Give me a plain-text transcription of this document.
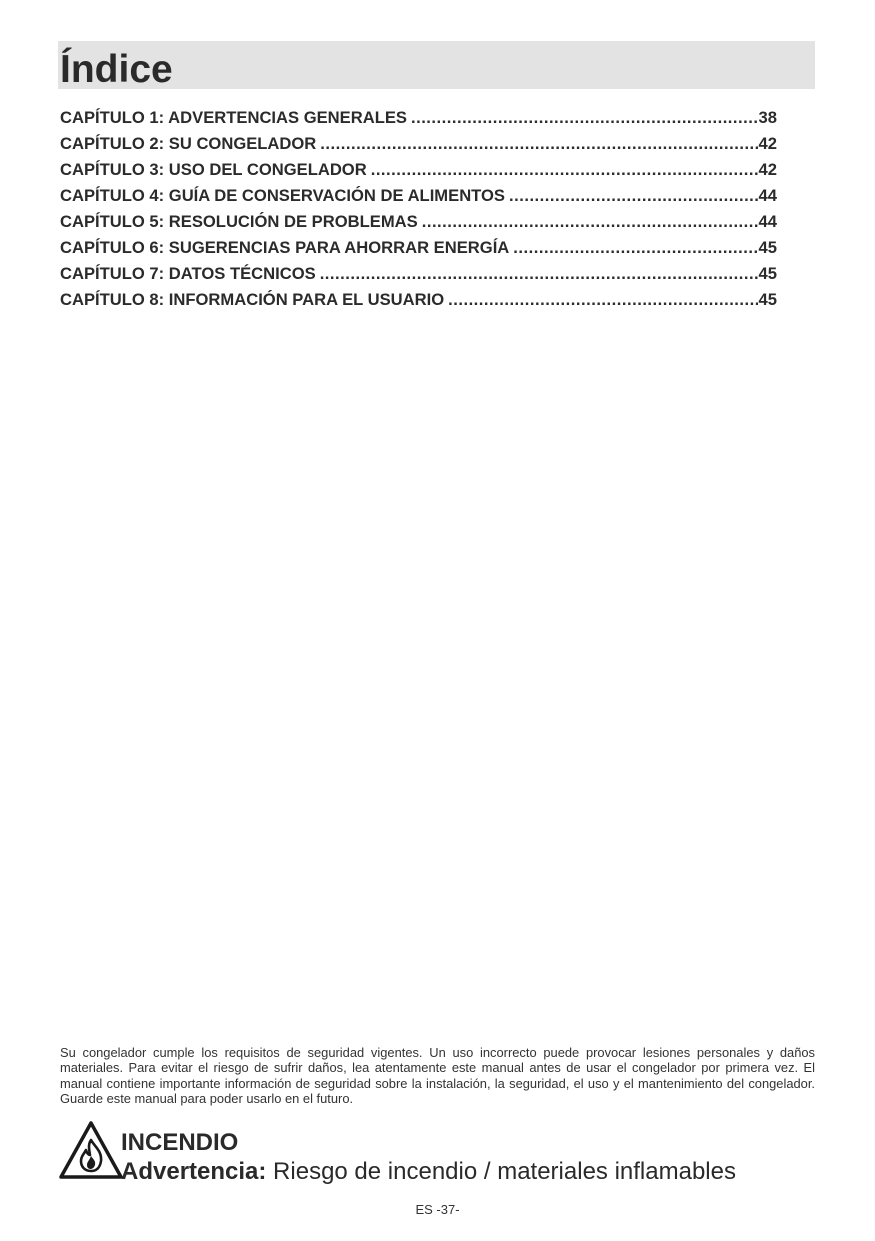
Índice
CAPÍTULO 1: ADVERTENCIAS GENERALES .....	38
CAPÍTULO 2: SU CONGELADOR .....	42
CAPÍTULO 3: USO DEL CONGELADOR .....	42
CAPÍTULO 4: GUÍA DE CONSERVACIÓN DE ALIMENTOS .....	44
CAPÍTULO 5: RESOLUCIÓN DE PROBLEMAS .....	44
CAPÍTULO 6: SUGERENCIAS PARA AHORRAR ENERGÍA .....	45
CAPÍTULO 7: DATOS TÉCNICOS .....	45
CAPÍTULO 8: INFORMACIÓN PARA EL USUARIO .....	45

Su congelador cumple los requisitos de seguridad vigentes. Un uso incorrecto puede provocar lesiones personales y daños materiales. Para evitar el riesgo de sufrir daños, lea atentamente este manual antes de usar el congelador por primera vez. El manual contiene importante información de seguridad sobre la instalación, la seguridad, el uso y el mantenimiento del congelador. Guarde este manual para poder usarlo en el futuro.

INCENDIO
Advertencia: Riesgo de incendio / materiales inflamables
ES -37-
